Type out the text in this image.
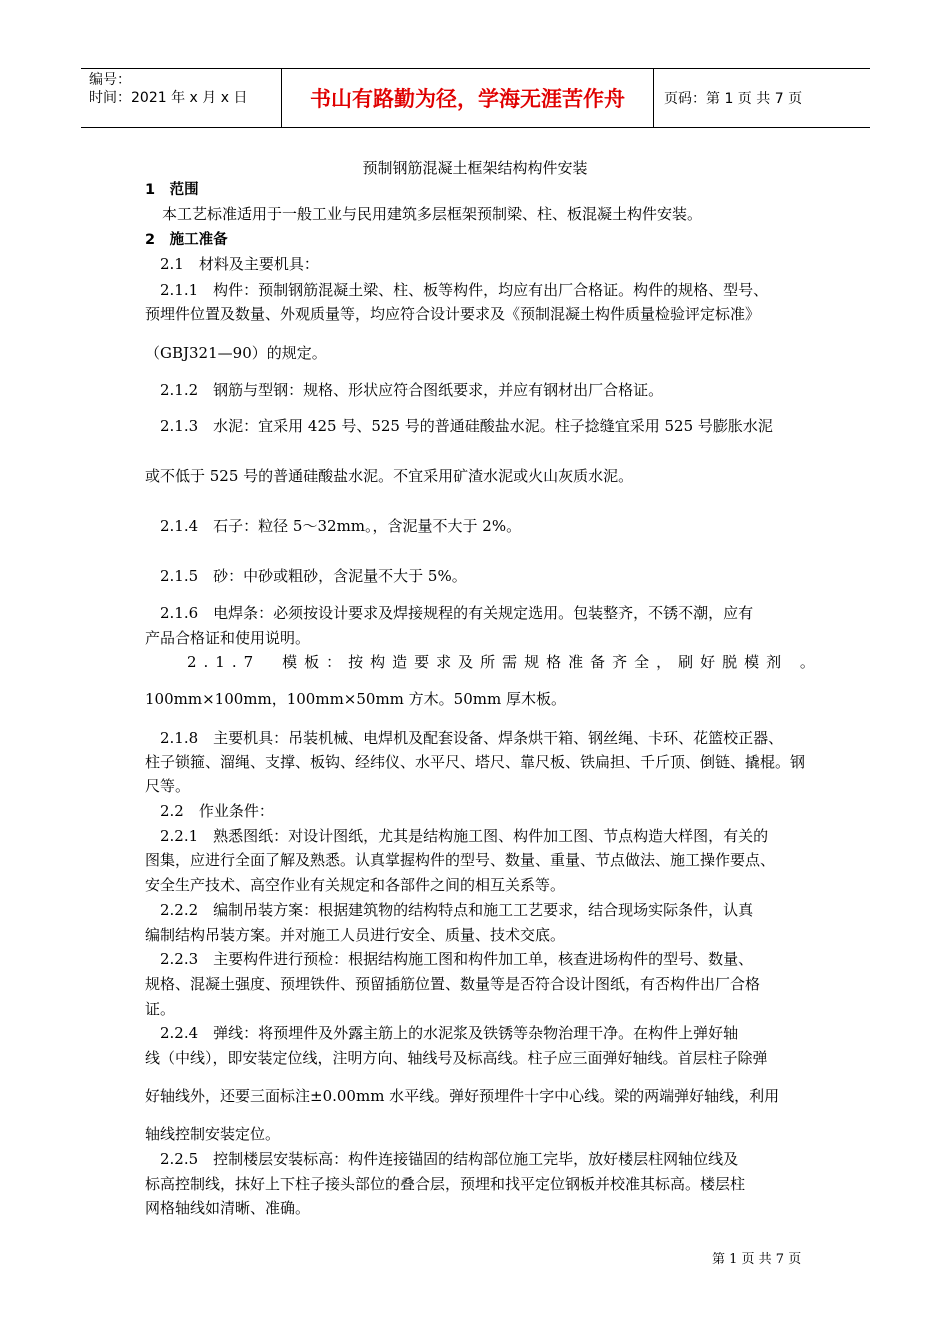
编号：
时间：2021 年 x 月 x 日	书山有路勤为径，学海无涯苦作舟	页码：第 1 页 共 7 页
预制钢筋混凝土框架结构构件安装
1　范围
本工艺标准适用于一般工业与民用建筑多层框架预制梁、柱、板混凝土构件安装。
2　施工准备
2.1　材料及主要机具：
2.1.1　构件：预制钢筋混凝土梁、柱、板等构件，均应有出厂合格证。构件的规格、型号、
预埋件位置及数量、外观质量等，均应符合设计要求及《预制混凝土构件质量检验评定标准》
（GBJ321—90）的规定。
2.1.2　钢筋与型钢：规格、形状应符合图纸要求，并应有钢材出厂合格证。
2.1.3　水泥：宜采用 425 号、525 号的普通硅酸盐水泥。柱子捻缝宜采用 525 号膨胀水泥
或不低于 525 号的普通硅酸盐水泥。不宜采用矿渣水泥或火山灰质水泥。
2.1.4　石子：粒径 5～32mm。，含泥量不大于 2%。
2.1.5　砂：中砂或粗砂，含泥量不大于 5%。
2.1.6　电焊条：必须按设计要求及焊接规程的有关规定选用。包装整齐，不锈不潮，应有
产品合格证和使用说明。
2.1.7　模板：按构造要求及所需规格准备齐全，刷好脱模剂 。
100mm×100mm，100mm×50mm 方木。50mm 厚木板。
2.1.8　主要机具：吊装机械、电焊机及配套设备、焊条烘干箱、钢丝绳、卡环、花篮校正器、
柱子锁箍、溜绳、支撑、板钩、经纬仪、水平尺、塔尺、靠尺板、铁扁担、千斤顶、倒链、撬棍。钢
尺等。
2.2　作业条件：
2.2.1　熟悉图纸：对设计图纸，尤其是结构施工图、构件加工图、节点构造大样图，有关的
图集，应进行全面了解及熟悉。认真掌握构件的型号、数量、重量、节点做法、施工操作要点、
安全生产技术、高空作业有关规定和各部件之间的相互关系等。
2.2.2　编制吊装方案：根据建筑物的结构特点和施工工艺要求，结合现场实际条件，认真
编制结构吊装方案。并对施工人员进行安全、质量、技术交底。
2.2.3　主要构件进行预检：根据结构施工图和构件加工单，核查进场构件的型号、数量、
规格、混凝土强度、预埋铁件、预留插筋位置、数量等是否符合设计图纸，有否构件出厂合格
证。
2.2.4　弹线：将预埋件及外露主筋上的水泥浆及铁锈等杂物治理干净。在构件上弹好轴
线（中线），即安装定位线，注明方向、轴线号及标高线。柱子应三面弹好轴线。首层柱子除弹
好轴线外，还要三面标注±0.00mm 水平线。弹好预埋件十字中心线。梁的两端弹好轴线，利用
轴线控制安装定位。
2.2.5　控制楼层安装标高：构件连接锚固的结构部位施工完毕，放好楼层柱网轴位线及
标高控制线，抹好上下柱子接头部位的叠合层，预埋和找平定位钢板并校准其标高。楼层柱
网格轴线如清晰、准确。
第 1 页 共 7 页
